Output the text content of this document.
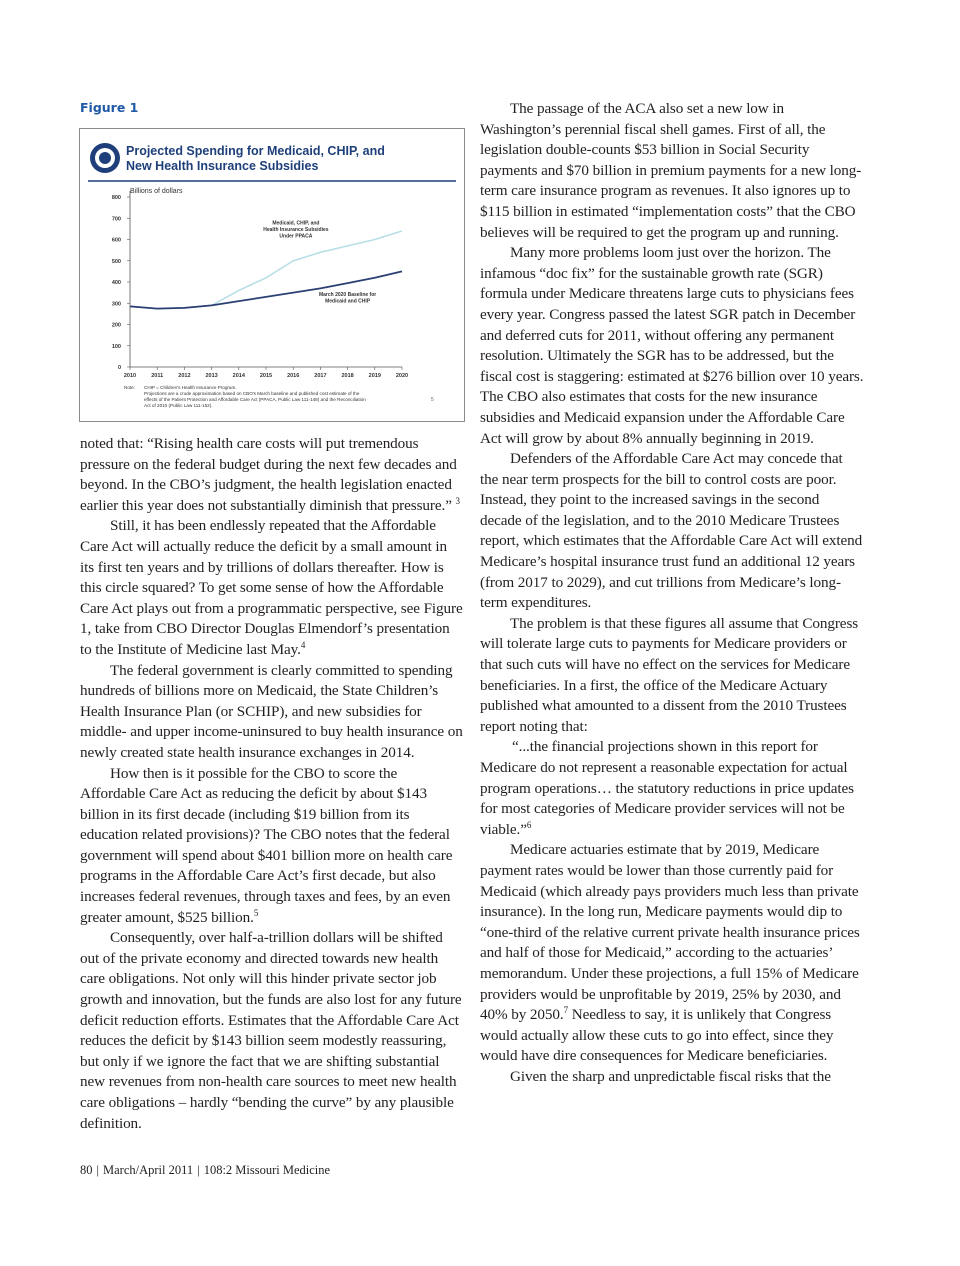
Figure 1
Projected Spending for Medicaid, CHIP, and
New Health Insurance Subsidies
Billions of dollars
0
100
200
300
400
500
600
700
800
2010	2011	2012	2013	2014	2015	2016	2017	2018	2019	2020
Medicaid, CHIP, and
Health Insurance Subsidies
Under PPACA
March 2020 Baseline for
Medicaid and CHIP
Note: CHIP = Children's Health Insurance Program.
Projections are a crude approximation based on CBO's March baseline and published cost estimate of the
effects of the Patient Protection and Affordable Care Act (PPACA, Public Law 111-148) and the Reconciliation
Act of 2010 (Public Law 111-152).
5

noted that: “Rising health care costs will put tremendous pressure on the federal budget during the next few decades and beyond. In the CBO’s judgment, the health legislation enacted earlier this year does not substantially diminish that pressure.” $^3$

Still, it has been endlessly repeated that the Affordable Care Act will actually reduce the deficit by a small amount in its first ten years and by trillions of dollars thereafter. How is this circle squared? To get some sense of how the Affordable Care Act plays out from a programmatic perspective, see Figure 1, take from CBO Director Douglas Elmendorf’s presentation to the Institute of Medicine last May.$^4$

The federal government is clearly committed to spending hundreds of billions more on Medicaid, the State Children’s Health Insurance Plan (or SCHIP), and new subsidies for middle- and upper income-uninsured to buy health insurance on newly created state health insurance exchanges in 2014.

How then is it possible for the CBO to score the Affordable Care Act as reducing the deficit by about $143 billion in its first decade (including $19 billion from its education related provisions)? The CBO notes that the federal government will spend about $401 billion more on health care programs in the Affordable Care Act’s first decade, but also increases federal revenues, through taxes and fees, by an even greater amount, $525 billion.$^5$

Consequently, over half-a-trillion dollars will be shifted out of the private economy and directed towards new health care obligations. Not only will this hinder private sector job growth and innovation, but the funds are also lost for any future deficit reduction efforts. Estimates that the Affordable Care Act reduces the deficit by $143 billion seem modestly reassuring, but only if we ignore the fact that we are shifting substantial new revenues from non-health care sources to meet new health care obligations – hardly “bending the curve” by any plausible definition.

The passage of the ACA also set a new low in Washington’s perennial fiscal shell games. First of all, the legislation double-counts $53 billion in Social Security payments and $70 billion in premium payments for a new long-term care insurance program as revenues. It also ignores up to $115 billion in estimated “implementation costs” that the CBO believes will be required to get the program up and running.

Many more problems loom just over the horizon. The infamous “doc fix” for the sustainable growth rate (SGR) formula under Medicare threatens large cuts to physicians fees every year. Congress passed the latest SGR patch in December and deferred cuts for 2011, without offering any permanent resolution. Ultimately the SGR has to be addressed, but the fiscal cost is staggering: estimated at $276 billion over 10 years. The CBO also estimates that costs for the new insurance subsidies and Medicaid expansion under the Affordable Care Act will grow by about 8% annually beginning in 2019.

Defenders of the Affordable Care Act may concede that the near term prospects for the bill to control costs are poor. Instead, they point to the increased savings in the second decade of the legislation, and to the 2010 Medicare Trustees report, which estimates that the Affordable Care Act will extend Medicare’s hospital insurance trust fund an additional 12 years (from 2017 to 2029), and cut trillions from Medicare’s long-term expenditures.

The problem is that these figures all assume that Congress will tolerate large cuts to payments for Medicare providers or that such cuts will have no effect on the services for Medicare beneficiaries. In a first, the office of the Medicare Actuary published what amounted to a dissent from the 2010 Trustees report noting that:

“...the financial projections shown in this report for Medicare do not represent a reasonable expectation for actual program operations… the statutory reductions in price updates for most categories of Medicare provider services will not be viable.”$^6$

Medicare actuaries estimate that by 2019, Medicare payment rates would be lower than those currently paid for Medicaid (which already pays providers much less than private insurance). In the long run, Medicare payments would dip to “one-third of the relative current private health insurance prices and half of those for Medicaid,” according to the actuaries’ memorandum. Under these projections, a full 15% of Medicare providers would be unprofitable by 2019, 25% by 2030, and 40% by 2050.$^7$ Needless to say, it is unlikely that Congress would actually allow these cuts to go into effect, since they would have dire consequences for Medicare beneficiaries.

Given the sharp and unpredictable fiscal risks that the

80 | March/April 2011 | 108:2 Missouri Medicine
